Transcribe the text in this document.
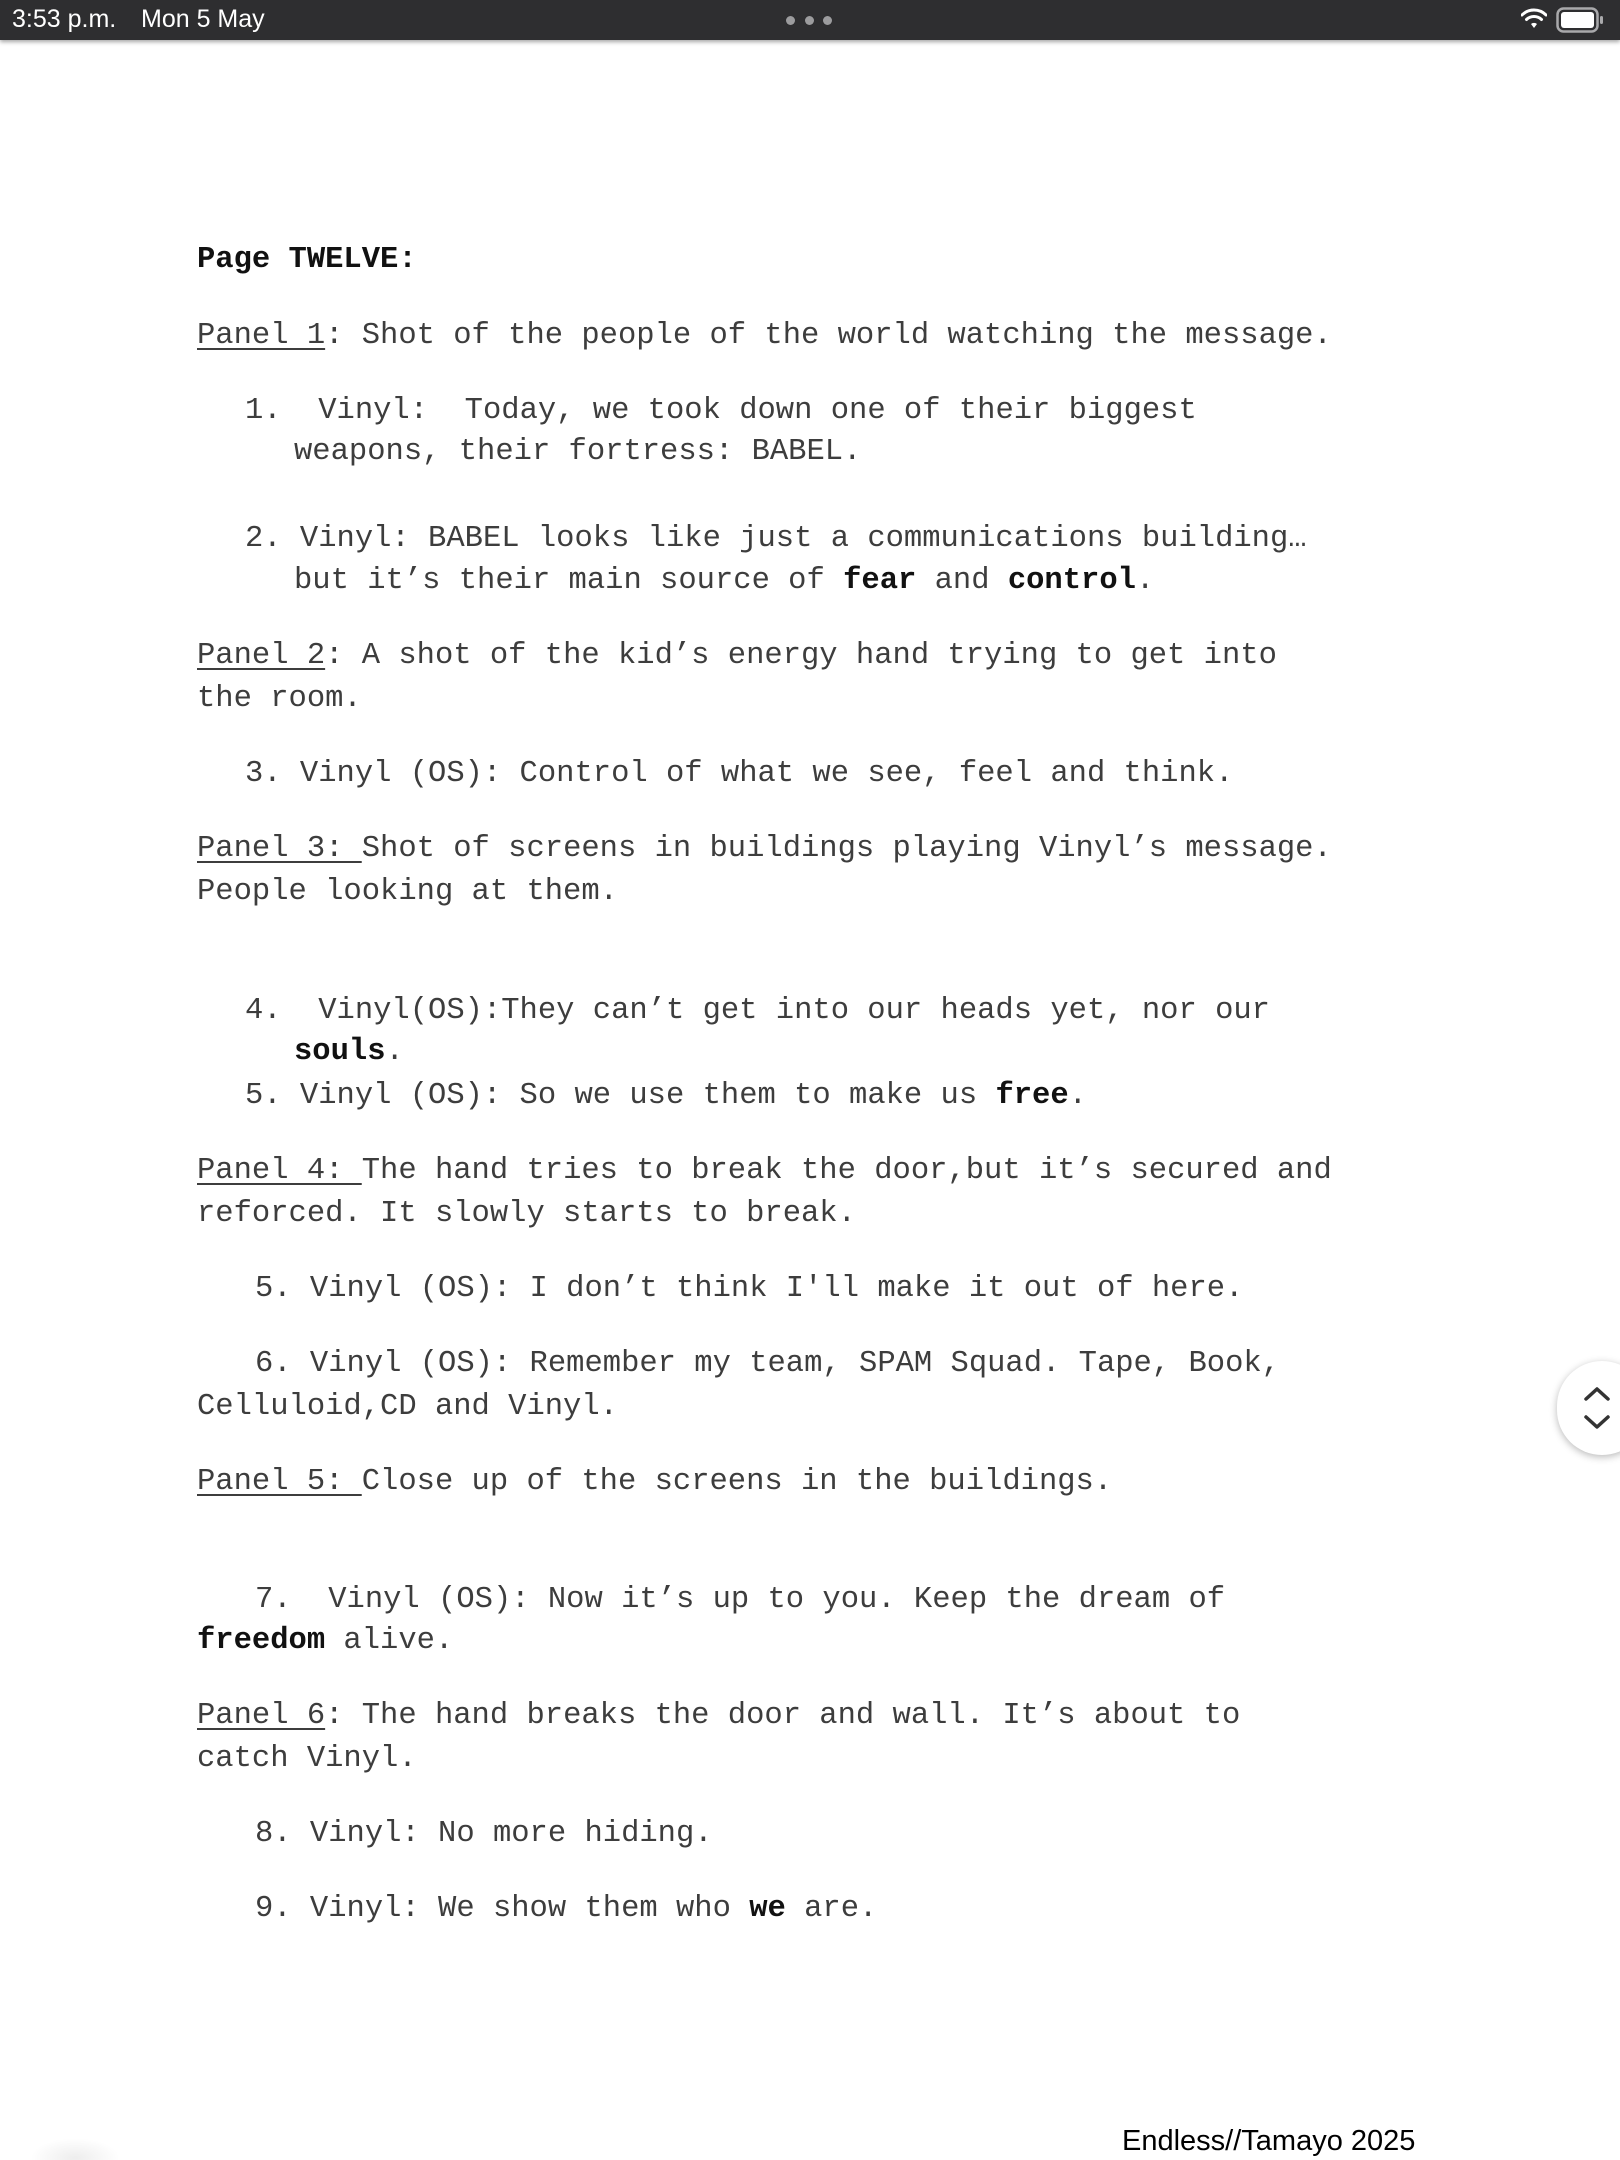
3:53 p.m. Mon 5 May
Page TWELVE:
Panel 1: Shot of the people of the world watching the message.
1. Vinyl: Today, we took down one of their biggest
weapons, their fortress: BABEL.
2. Vinyl: BABEL looks like just a communications building…
but it’s their main source of fear and control.
Panel 2: A shot of the kid’s energy hand trying to get into
the room.
3. Vinyl (OS): Control of what we see, feel and think.
Panel 3: Shot of screens in buildings playing Vinyl’s message.
People looking at them.
4. Vinyl(OS):They can’t get into our heads yet, nor our
souls.
5. Vinyl (OS): So we use them to make us free.
Panel 4: The hand tries to break the door,but it’s secured and
reforced. It slowly starts to break.
5. Vinyl (OS): I don’t think I'll make it out of here.
6. Vinyl (OS): Remember my team, SPAM Squad. Tape, Book,
Celluloid,CD and Vinyl.
Panel 5: Close up of the screens in the buildings.
7. Vinyl (OS): Now it’s up to you. Keep the dream of
freedom alive.
Panel 6: The hand breaks the door and wall. It’s about to
catch Vinyl.
8. Vinyl: No more hiding.
9. Vinyl: We show them who we are.
Endless//Tamayo 2025
